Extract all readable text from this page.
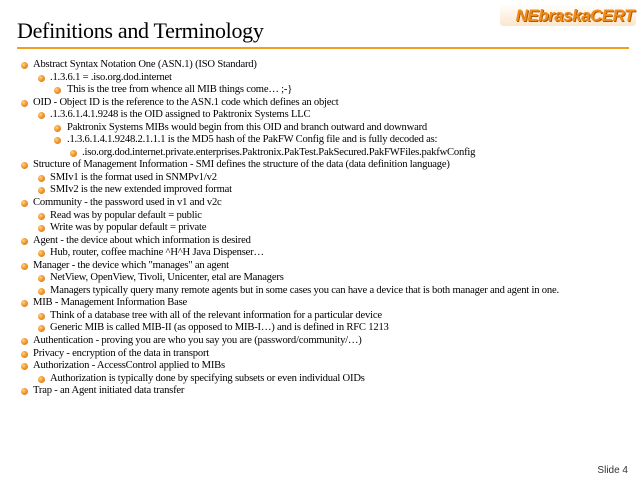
Definitions and Terminology
NEbraskaCERT
Abstract Syntax Notation One (ASN.1) (ISO Standard)
.1.3.6.1 = .iso.org.dod.internet
This is the tree from whence all MIB things come… ;-}
OID - Object ID is the reference to the ASN.1 code which defines an object
.1.3.6.1.4.1.9248 is the OID assigned to Paktronix Systems LLC
Paktronix Systems MIBs would begin from this OID and branch outward and downward
.1.3.6.1.4.1.9248.2.1.1.1 is the MD5 hash of the PakFW Config file and is fully decoded as:
.iso.org.dod.internet.private.enterprises.Paktronix.PakTest.PakSecured.PakFWFiles.pakfwConfig
Structure of Management Information - SMI defines the structure of the data (data definition language)
SMIv1 is the format used in SNMPv1/v2
SMIv2 is the new extended improved format
Community - the password used in v1 and v2c
Read was by popular default = public
Write was by popular default = private
Agent - the device about which information is desired
Hub, router, coffee machine ^H^H Java Dispenser…
Manager - the device which "manages" an agent
NetView, OpenView, Tivoli, Unicenter, etal are Managers
Managers typically query many remote agents but in some cases you can have a device that is both manager and agent in one.
MIB - Management Information Base
Think of a database tree with all of the relevant information for a particular device
Generic MIB is called MIB-II (as opposed to MIB-I…) and is defined in RFC 1213
Authentication - proving you are who you say you are (password/community/…)
Privacy - encryption of the data in transport
Authorization - AccessControl applied to MIBs
Authorization is typically done by specifying subsets or even individual OIDs
Trap - an Agent initiated data transfer
Slide 4
